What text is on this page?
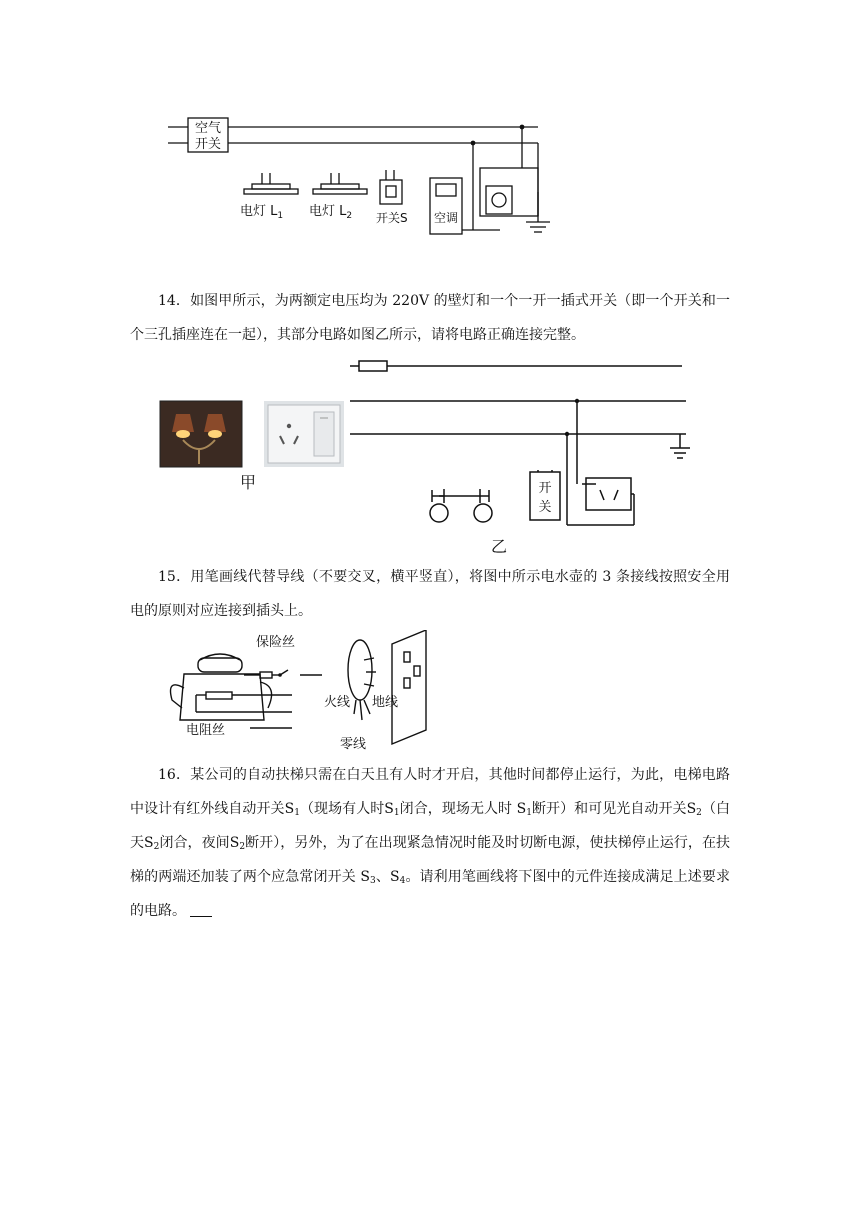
空气
开关
电灯 $L_1$ 电灯 $L_2$ 开关S 空调
14．如图甲所示，为两额定电压均为 220V 的壁灯和一个一开一插式开关（即一个开关和一个三孔插座连在一起），其部分电路如图乙所示，请将电路正确连接完整。
开
关
甲
乙
15．用笔画线代替导线（不要交叉，横平竖直），将图中所示电水壶的 3 条接线按照安全用电的原则对应连接到插头上。
保险丝
电阻丝
火线 地线
零线
16．某公司的自动扶梯只需在白天且有人时才开启，其他时间都停止运行，为此，电梯电路中设计有红外线自动开关$S_1$（现场有人时$S_1$闭合，现场无人时 $S_1$断开）和可见光自动开关$S_2$（白天$S_2$闭合，夜间$S_2$断开），另外，为了在出现紧急情况时能及时切断电源，使扶梯停止运行，在扶梯的两端还加装了两个应急常闭开关 $S_3$、$S_4$。请利用笔画线将下图中的元件连接成满足上述要求的电路。
